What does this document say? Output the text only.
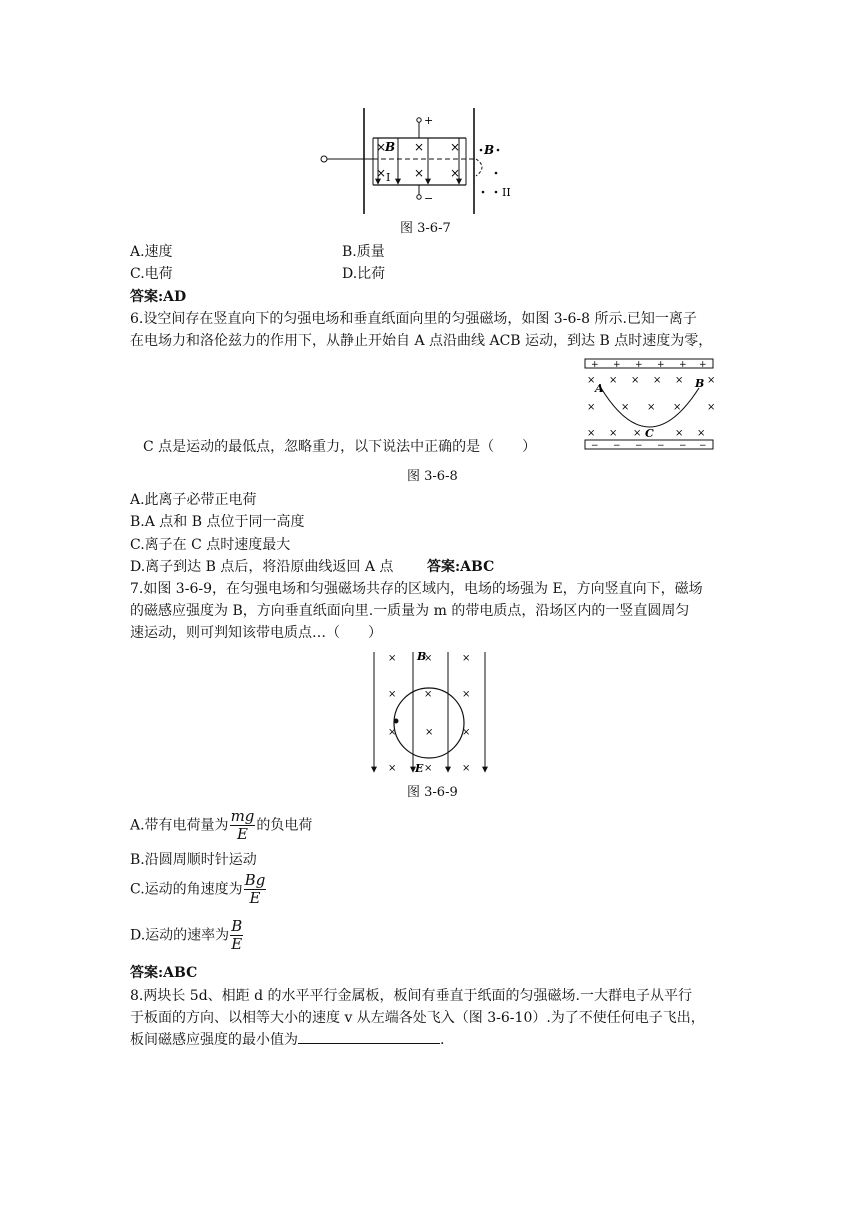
+
−
×
B × ×
× I × ×
B
II
图 3-6-7
A.速度	B.质量
C.电荷	D.比荷
答案:AD
6.设空间存在竖直向下的匀强电场和垂直纸面向里的匀强磁场，如图 3-6-8 所示.已知一离子
在电场力和洛伦兹力的作用下，从静止开始自 A 点沿曲线 ACB 运动，到达 B 点时速度为零，
+ + + + + +
− − − − − −
× × × × × ×
×	× × ×	×
× × ×	× ×
A	B
C
C 点是运动的最低点，忽略重力，以下说法中正确的是（　　）
图 3-6-8
A.此离子必带正电荷
B.A 点和 B 点位于同一高度
C.离子在 C 点时速度最大
D.离子到达 B 点后，将沿原曲线返回 A 点 答案:ABC
7.如图 3-6-9，在匀强电场和匀强磁场共存的区域内，电场的场强为 E，方向竖直向下，磁场
的磁感应强度为 B，方向垂直纸面向里.一质量为 m 的带电质点，沿场区内的一竖直圆周匀
速运动，则可判知该带电质点…（　　）
×	×	×
×	×	×
×	×	×
×	×	×
B
E
图 3-6-9
A.带有电荷量为 $\frac{mg}{E}$ 的负电荷
B.沿圆周顺时针运动
C.运动的角速度为 $\frac{Bg}{E}$
D.运动的速率为 $\frac{B}{E}$
答案:ABC
8.两块长 5d、相距 d 的水平平行金属板，板间有垂直于纸面的匀强磁场.一大群电子从平行
于板面的方向、以相等大小的速度 v 从左端各处飞入（图 3-6-10）.为了不使任何电子飞出，
板间磁感应强度的最小值为	.
